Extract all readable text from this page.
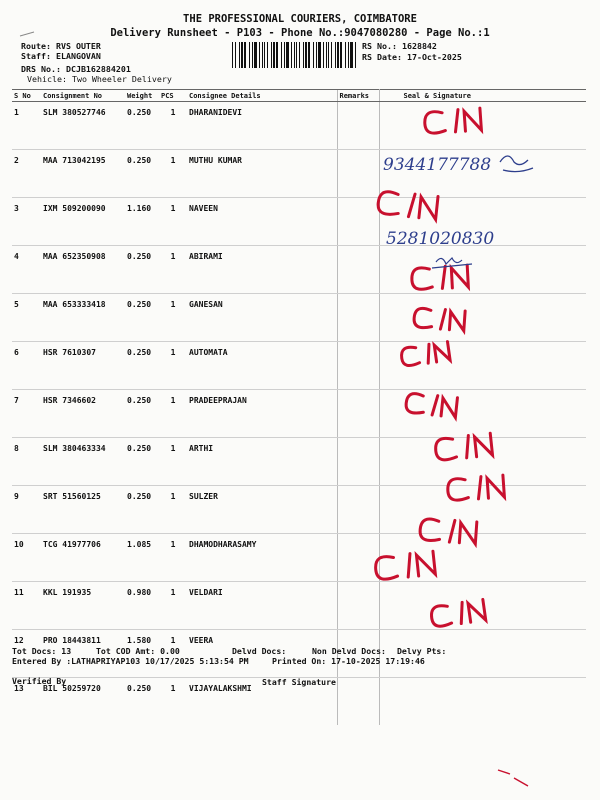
THE PROFESSIONAL COURIERS, COIMBATORE
Delivery Runsheet - P103 - Phone No.:9047080280 - Page No.:1
Route: RVS OUTER
Staff: ELANGOVAN
DRS No.: DCJB162884201
Vehicle: Two Wheeler Delivery
RS No.: 1628842
RS Date: 17-Oct-2025
S No	Consignment No	Weight	PCS	Consignee Details	Remarks	Seal & Signature
1	SLM 380527746	0.250	1	DHARANIDEVI		
2	MAA 713042195	0.250	1	MUTHU KUMAR		
3	IXM 509200090	1.160	1	NAVEEN		
4	MAA 652350908	0.250	1	ABIRAMI		
5	MAA 653333418	0.250	1	GANESAN		
6	HSR 7610307	0.250	1	AUTOMATA		
7	HSR 7346602	0.250	1	PRADEEPRAJAN		
8	SLM 380463334	0.250	1	ARTHI		
9	SRT 51560125	0.250	1	SULZER		
10	TCG 41977706	1.085	1	DHAMODHARASAMY		
11	KKL 191935	0.980	1	VELDARI		
12	PRO 18443811	1.580	1	VEERA		
13	BIL 50259720	0.250	1	VIJAYALAKSHMI		
Tot Docs: 13	Tot COD Amt: 0.00	Delvd Docs:	Non Delvd Docs: Delvy Pts:
Entered By :LATHAPRIYAP103 10/17/2025 5:13:54 PM	Printed On: 17-10-2025 17:19:46
Verified By	Staff Signature
9344177788
5281020830
